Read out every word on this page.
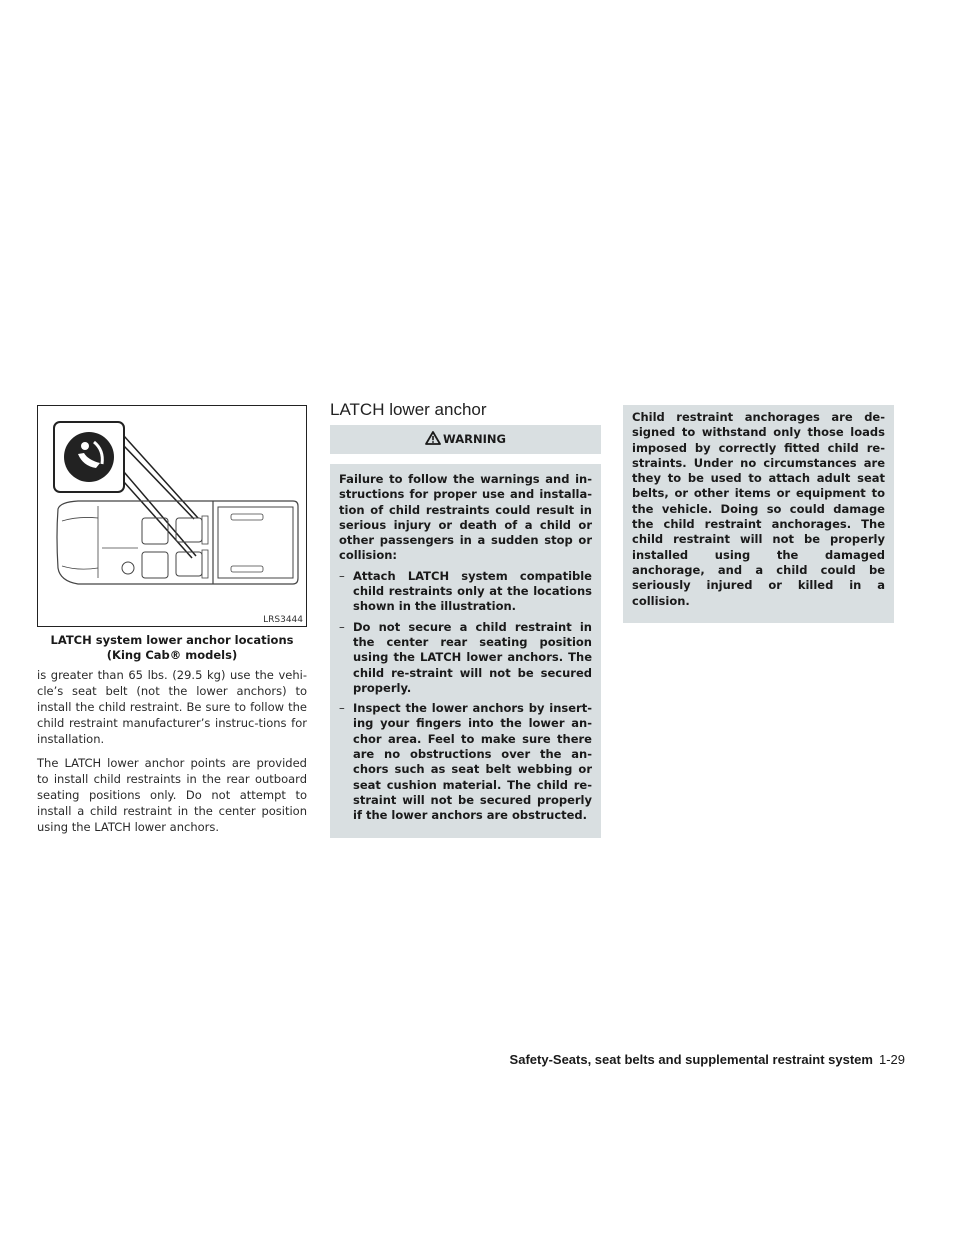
LRS3444
LATCH system lower anchor locations
(King Cab® models)

is greater than 65 lbs. (29.5 kg) use the vehi-cle’s seat belt (not the lower anchors) to install the child restraint. Be sure to follow the child restraint manufacturer’s instruc-tions for installation.

The LATCH lower anchor points are provided to install child restraints in the rear outboard seating positions only. Do not attempt to install a child restraint in the center position using the LATCH lower anchors.

LATCH lower anchor
WARNING

Failure to follow the warnings and in-structions for proper use and installa-tion of child restraints could result in serious injury or death of a child or other passengers in a sudden stop or collision:

– Attach LATCH system compatible child restraints only at the locations shown in the illustration.
– Do not secure a child restraint in the center rear seating position using the LATCH lower anchors. The child re-straint will not be secured properly.
– Inspect the lower anchors by insert-ing your fingers into the lower an-chor area. Feel to make sure there are no obstructions over the an-chors such as seat belt webbing or seat cushion material. The child re-straint will not be secured properly if the lower anchors are obstructed.

Child restraint anchorages are de-signed to withstand only those loads imposed by correctly fitted child re-straints. Under no circumstances are they to be used to attach adult seat belts, or other items or equipment to the vehicle. Doing so could damage the child restraint anchorages. The child restraint will not be properly installed using the damaged anchorage, and a child could be seriously injured or killed in a collision.

Safety-Seats, seat belts and supplemental restraint system 1-29
